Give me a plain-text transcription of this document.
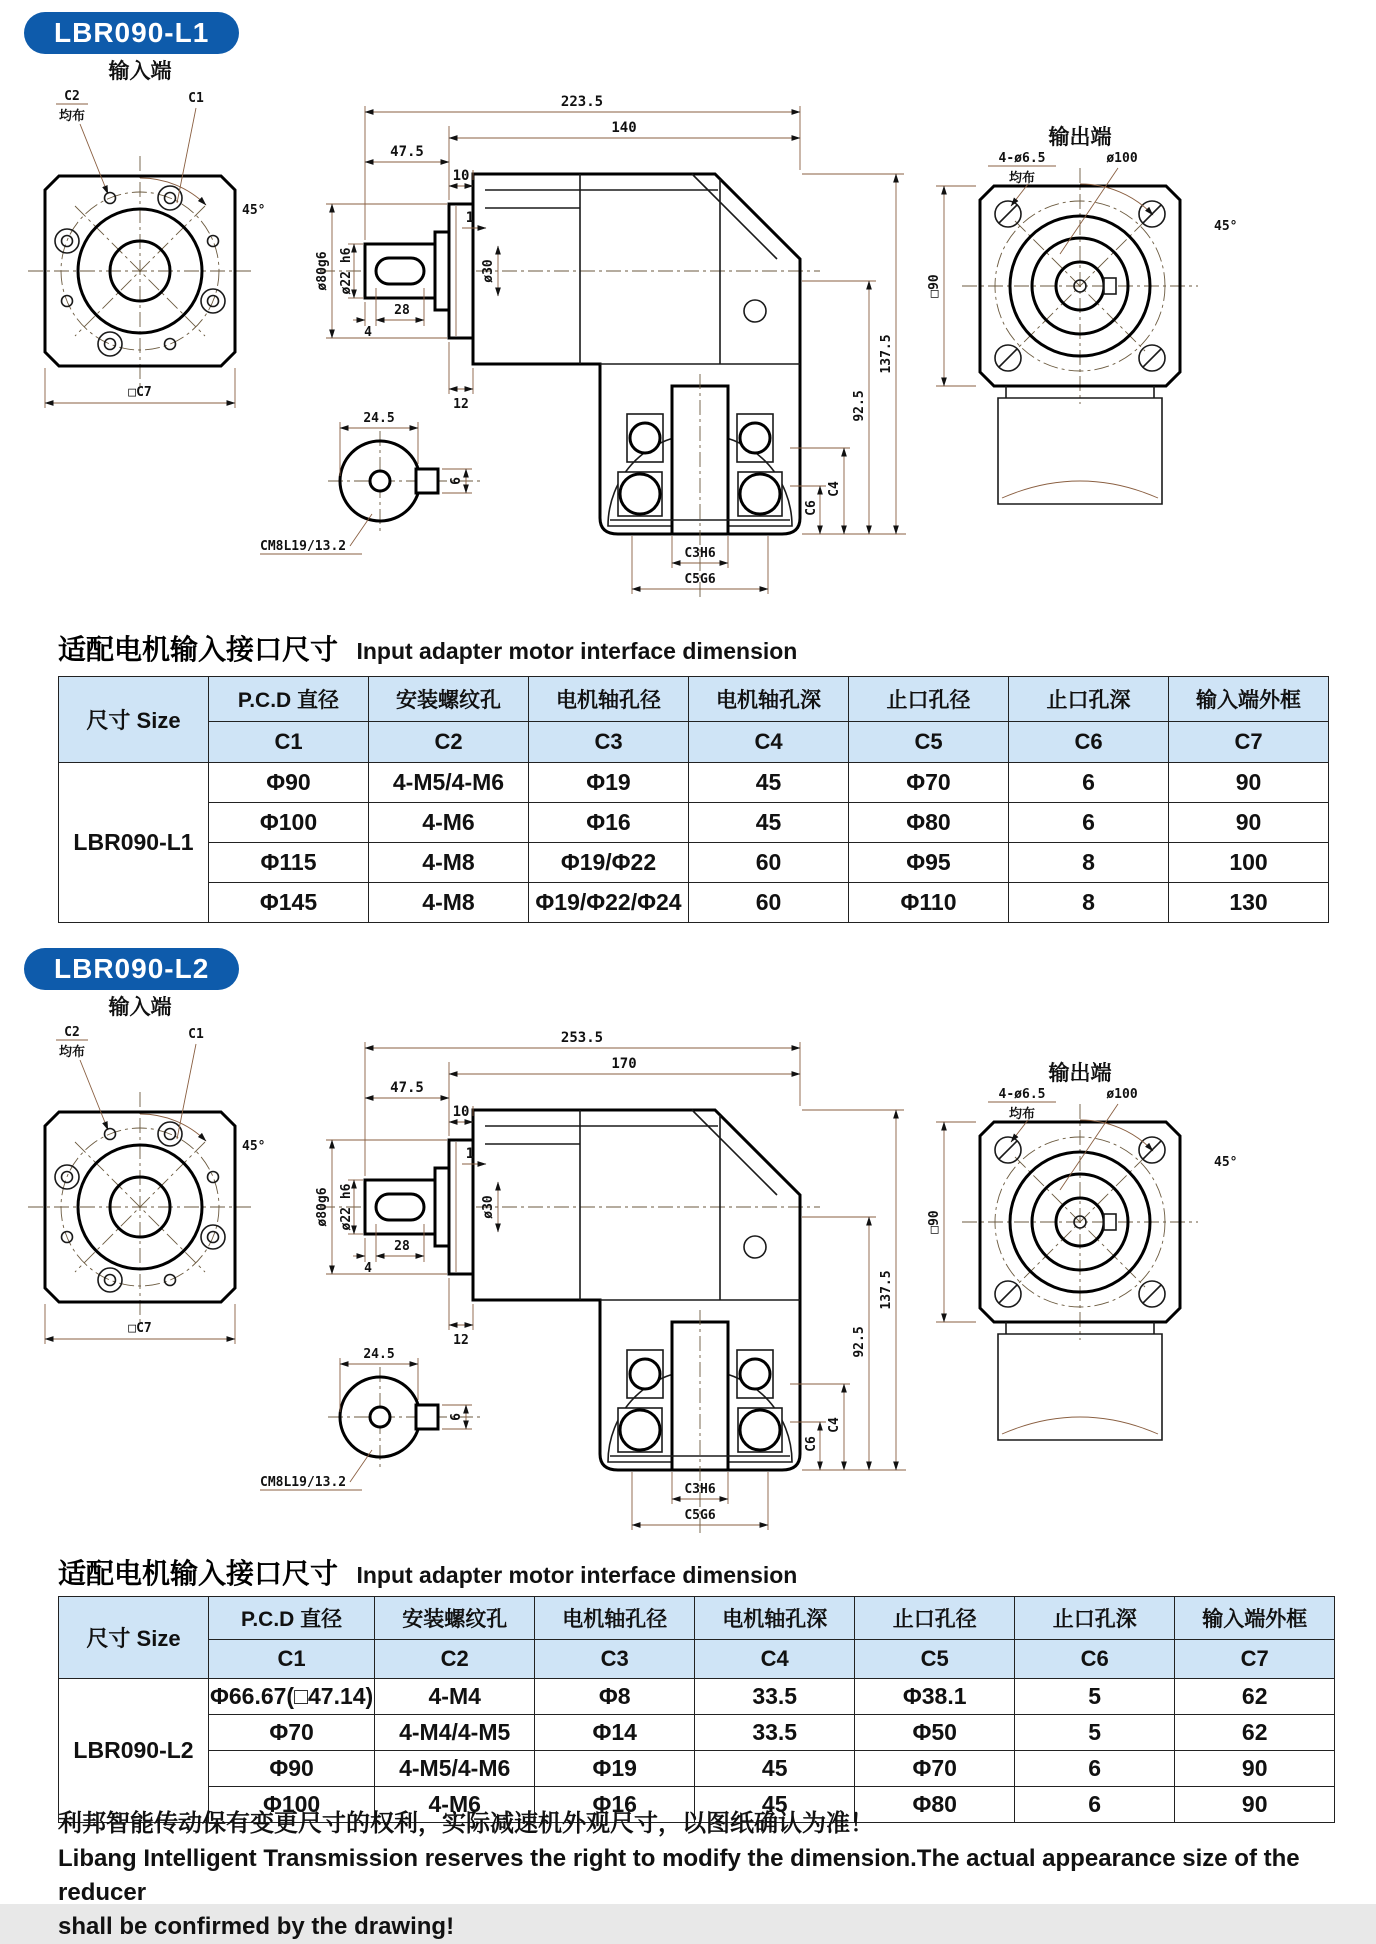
LBR090-L1
输入端
C2
均布
C1
45°
□C7
223.5
140
47.5
10
1
ø80g6 ø22 h6	ø30
4
28
12
C6
C4
92.5
137.5
C3H6
C5G6
24.5
6
CM8L19/13.2
输出端
4-ø6.5
均布
ø100
45°
□90
适配电机输入接口尺寸 Input adapter motor interface dimension
尺寸 Size	P.C.D 直径	安装螺纹孔	电机轴孔径	电机轴孔深	止口孔径	止口孔深	输入端外框
	C1	C2	C3	C4	C5	C6	C7
LBR090-L1	Φ90	4-M5/4-M6	Φ19	45	Φ70	6	90
	Φ100	4-M6	Φ16	45	Φ80	6	90
	Φ115	4-M8	Φ19/Φ22	60	Φ95	8	100
	Φ145	4-M8	Φ19/Φ22/Φ24	60	Φ110	8	130
LBR090-L2
输入端
C2
均布
C1
45°
□C7
253.5
170
47.5
10
1
ø80g6 ø22 h6	ø30
4
28
12
C6
C4
92.5
137.5
C3H6
C5G6
24.5
6
CM8L19/13.2
输出端
4-ø6.5
均布
ø100
45°
□90
适配电机输入接口尺寸 Input adapter motor interface dimension
尺寸 Size	P.C.D 直径	安装螺纹孔	电机轴孔径	电机轴孔深	止口孔径	止口孔深	输入端外框
	C1	C2	C3	C4	C5	C6	C7
LBR090-L2	Φ66.67(□47.14)	4-M4	Φ8	33.5	Φ38.1	5	62
	Φ70	4-M4/4-M5	Φ14	33.5	Φ50	5	62
	Φ90	4-M5/4-M6	Φ19	45	Φ70	6	90
	Φ100	4-M6	Φ16	45	Φ80	6	90
利邦智能传动保有变更尺寸的权利，实际减速机外观尺寸，以图纸确认为准！
Libang Intelligent Transmission reserves the right to modify the dimension.The actual appearance size of the reducer
shall be confirmed by the drawing!
